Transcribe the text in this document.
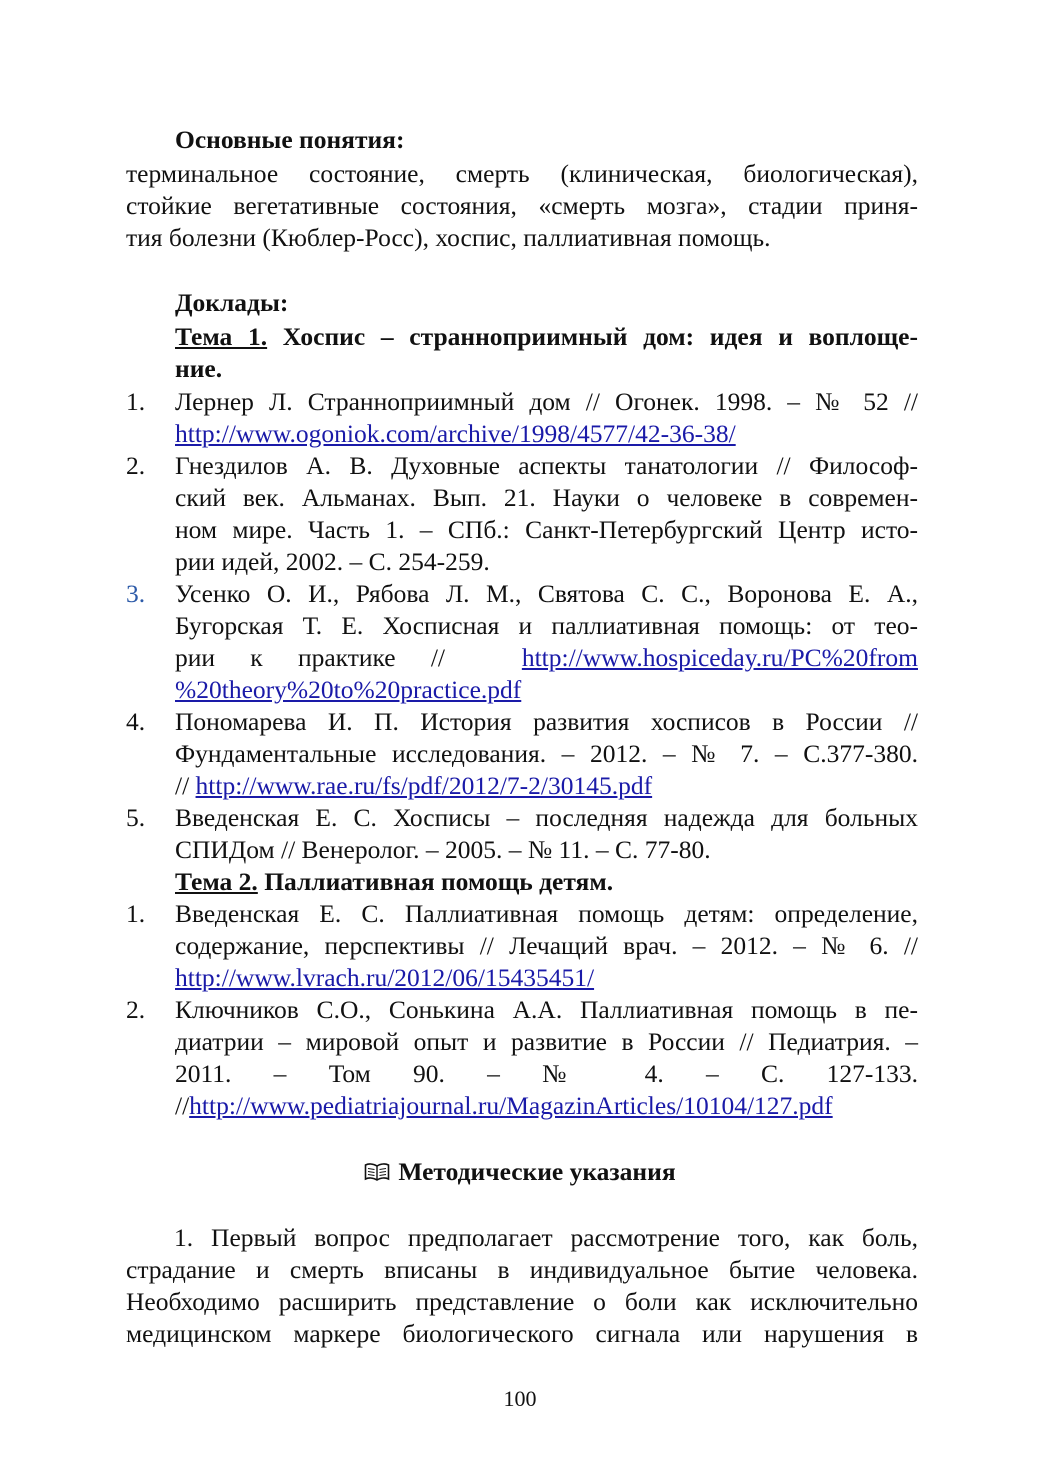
Основные понятия:
терминальное состояние, смерть (клиническая, биологическая),
стойкие вегетативные состояния, «смерть мозга», стадии приня-
тия болезни (Кюблер-Росс), хоспис, паллиативная помощь.
Доклады:
Тема 1. Хоспис – странноприимный дом: идея и воплоще-
ние.
1.	Лернер Л. Странноприимный дом // Огонек. 1998. – № 52 //
http://www.ogoniok.com/archive/1998/4577/42-36-38/
2.	Гнездилов А. В. Духовные аспекты танатологии // Философ-
ский век. Альманах. Вып. 21. Науки о человеке в современ-
ном мире. Часть 1. – СПб.: Санкт-Петербургский Центр исто-
рии идей, 2002. – С. 254-259.
3.	Усенко О. И., Рябова Л. М., Святова С. С., Воронова Е. А.,
Бугорская Т. Е. Хосписная и паллиативная помощь: от тео-
рии к практике //	http://www.hospiceday.ru/PC%20from
%20theory%20to%20practice.pdf
4.	Пономарева И. П. История развития хосписов в России //
Фундаментальные исследования. – 2012. – № 7. – С.377-380.
// http://www.rae.ru/fs/pdf/2012/7-2/30145.pdf
5.	Введенская Е. С. Хосписы – последняя надежда для больных
СПИДом // Венеролог. – 2005. – № 11. – С. 77-80.
Тема 2. Паллиативная помощь детям.
1.	Введенская Е. С. Паллиативная помощь детям: определение,
содержание, перспективы // Лечащий врач. – 2012. – № 6. //
http://www.lvrach.ru/2012/06/15435451/
2.	Ключников С.О., Сонькина А.А. Паллиативная помощь в пе-
диатрии – мировой опыт и развитие в России // Педиатрия. –
2011. – Том 90. – № 4. – С. 127-133.
//http://www.pediatriajournal.ru/MagazinArticles/10104/127.pdf
Методические указания
1. Первый вопрос предполагает рассмотрение того, как боль,
страдание и смерть вписаны в индивидуальное бытие человека.
Необходимо расширить представление о боли как исключительно
медицинском маркере биологического сигнала или нарушения в
100
